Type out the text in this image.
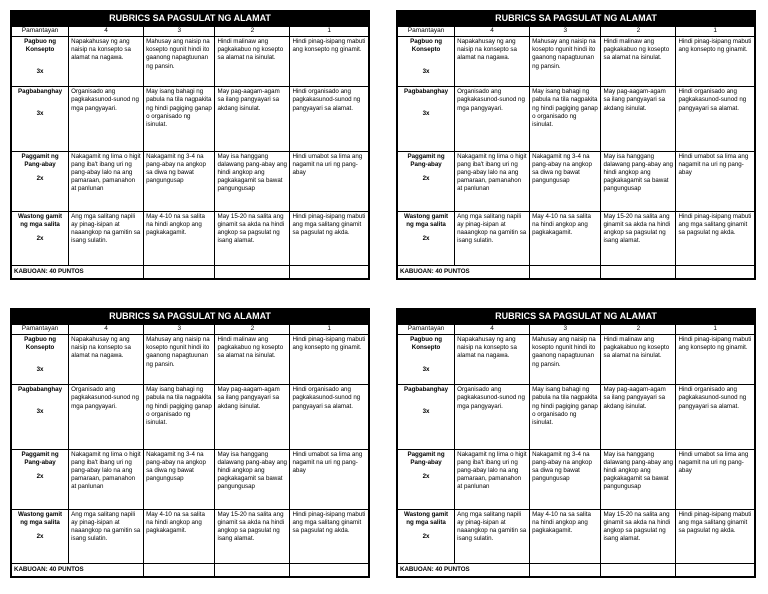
RUBRICS SA PAGSULAT NG ALAMAT				
Pamantayan	4	3	2	1
Pagbuo ng Konsepto
3x	Napakahusay ng ang naisip na konsepto sa alamat na nagawa.	Mahusay ang naisip na kosepto ngunit hindi ito gaanong napagtuunan ng pansin.	Hindi malinaw ang pagkakabuo ng kosepto sa alamat na isinulat.	Hindi pinag-isipang mabuti ang konsepto ng ginamit.
Pagbabanghay
3x	Organisado ang pagkakasunod-sunod ng mga pangyayari.	May isang bahagi ng pabula na tila nagpakita ng hindi pagiging ganap o organisado ng isinulat.	May pag-aagam-agam sa ilang pangyayari sa akdang isinulat.	Hindi organisado ang pagkakasunod-sunod ng pangyayari sa alamat.
Paggamit ng Pang-abay
2x	Nakagamit ng lima o higit pang iba't ibang uri ng pang-abay lalo na ang pamaraan, pamanahon at panlunan	Nakagamit ng 3-4 na pang-abay na angkop sa diwa ng bawat pangungusap	May isa hanggang dalawang pang-abay ang hindi angkop ang pagkakagamit sa bawat pangungusap	Hindi umabot sa lima ang nagamit na uri ng pang-abay
Wastong gamit ng mga salita
2x	Ang mga salitang napili ay pinag-isipan at naaangkop na gamitin sa isang sulatin.	May 4-10 na sa salita na hindi angkop ang pagkakagamit.	May 15-20 na salita ang ginamit sa akda na hindi angkop sa pagsulat ng isang alamat.	Hindi pinag-isipang mabuti ang mga salitang ginamit sa pagsulat ng akda.
KABUOAN: 40 PUNTOS				
RUBRICS SA PAGSULAT NG ALAMAT				
Pamantayan	4	3	2	1
Pagbuo ng Konsepto
3x	Napakahusay ng ang naisip na konsepto sa alamat na nagawa.	Mahusay ang naisip na kosepto ngunit hindi ito gaanong napagtuunan ng pansin.	Hindi malinaw ang pagkakabuo ng kosepto sa alamat na isinulat.	Hindi pinag-isipang mabuti ang konsepto ng ginamit.
Pagbabanghay
3x	Organisado ang pagkakasunod-sunod ng mga pangyayari.	May isang bahagi ng pabula na tila nagpakita ng hindi pagiging ganap o organisado ng isinulat.	May pag-aagam-agam sa ilang pangyayari sa akdang isinulat.	Hindi organisado ang pagkakasunod-sunod ng pangyayari sa alamat.
Paggamit ng Pang-abay
2x	Nakagamit ng lima o higit pang iba't ibang uri ng pang-abay lalo na ang pamaraan, pamanahon at panlunan	Nakagamit ng 3-4 na pang-abay na angkop sa diwa ng bawat pangungusap	May isa hanggang dalawang pang-abay ang hindi angkop ang pagkakagamit sa bawat pangungusap	Hindi umabot sa lima ang nagamit na uri ng pang-abay
Wastong gamit ng mga salita
2x	Ang mga salitang napili ay pinag-isipan at naaangkop na gamitin sa isang sulatin.	May 4-10 na sa salita na hindi angkop ang pagkakagamit.	May 15-20 na salita ang ginamit sa akda na hindi angkop sa pagsulat ng isang alamat.	Hindi pinag-isipang mabuti ang mga salitang ginamit sa pagsulat ng akda.
KABUOAN: 40 PUNTOS				
RUBRICS SA PAGSULAT NG ALAMAT				
Pamantayan	4	3	2	1
Pagbuo ng Konsepto
3x	Napakahusay ng ang naisip na konsepto sa alamat na nagawa.	Mahusay ang naisip na kosepto ngunit hindi ito gaanong napagtuunan ng pansin.	Hindi malinaw ang pagkakabuo ng kosepto sa alamat na isinulat.	Hindi pinag-isipang mabuti ang konsepto ng ginamit.
Pagbabanghay
3x	Organisado ang pagkakasunod-sunod ng mga pangyayari.	May isang bahagi ng pabula na tila nagpakita ng hindi pagiging ganap o organisado ng isinulat.	May pag-aagam-agam sa ilang pangyayari sa akdang isinulat.	Hindi organisado ang pagkakasunod-sunod ng pangyayari sa alamat.
Paggamit ng Pang-abay
2x	Nakagamit ng lima o higit pang iba't ibang uri ng pang-abay lalo na ang pamaraan, pamanahon at panlunan	Nakagamit ng 3-4 na pang-abay na angkop sa diwa ng bawat pangungusap	May isa hanggang dalawang pang-abay ang hindi angkop ang pagkakagamit sa bawat pangungusap	Hindi umabot sa lima ang nagamit na uri ng pang-abay
Wastong gamit ng mga salita
2x	Ang mga salitang napili ay pinag-isipan at naaangkop na gamitin sa isang sulatin.	May 4-10 na sa salita na hindi angkop ang pagkakagamit.	May 15-20 na salita ang ginamit sa akda na hindi angkop sa pagsulat ng isang alamat.	Hindi pinag-isipang mabuti ang mga salitang ginamit sa pagsulat ng akda.
KABUOAN: 40 PUNTOS				
RUBRICS SA PAGSULAT NG ALAMAT				
Pamantayan	4	3	2	1
Pagbuo ng Konsepto
3x	Napakahusay ng ang naisip na konsepto sa alamat na nagawa.	Mahusay ang naisip na kosepto ngunit hindi ito gaanong napagtuunan ng pansin.	Hindi malinaw ang pagkakabuo ng kosepto sa alamat na isinulat.	Hindi pinag-isipang mabuti ang konsepto ng ginamit.
Pagbabanghay
3x	Organisado ang pagkakasunod-sunod ng mga pangyayari.	May isang bahagi ng pabula na tila nagpakita ng hindi pagiging ganap o organisado ng isinulat.	May pag-aagam-agam sa ilang pangyayari sa akdang isinulat.	Hindi organisado ang pagkakasunod-sunod ng pangyayari sa alamat.
Paggamit ng Pang-abay
2x	Nakagamit ng lima o higit pang iba't ibang uri ng pang-abay lalo na ang pamaraan, pamanahon at panlunan	Nakagamit ng 3-4 na pang-abay na angkop sa diwa ng bawat pangungusap	May isa hanggang dalawang pang-abay ang hindi angkop ang pagkakagamit sa bawat pangungusap	Hindi umabot sa lima ang nagamit na uri ng pang-abay
Wastong gamit ng mga salita
2x	Ang mga salitang napili ay pinag-isipan at naaangkop na gamitin sa isang sulatin.	May 4-10 na sa salita na hindi angkop ang pagkakagamit.	May 15-20 na salita ang ginamit sa akda na hindi angkop sa pagsulat ng isang alamat.	Hindi pinag-isipang mabuti ang mga salitang ginamit sa pagsulat ng akda.
KABUOAN: 40 PUNTOS				
